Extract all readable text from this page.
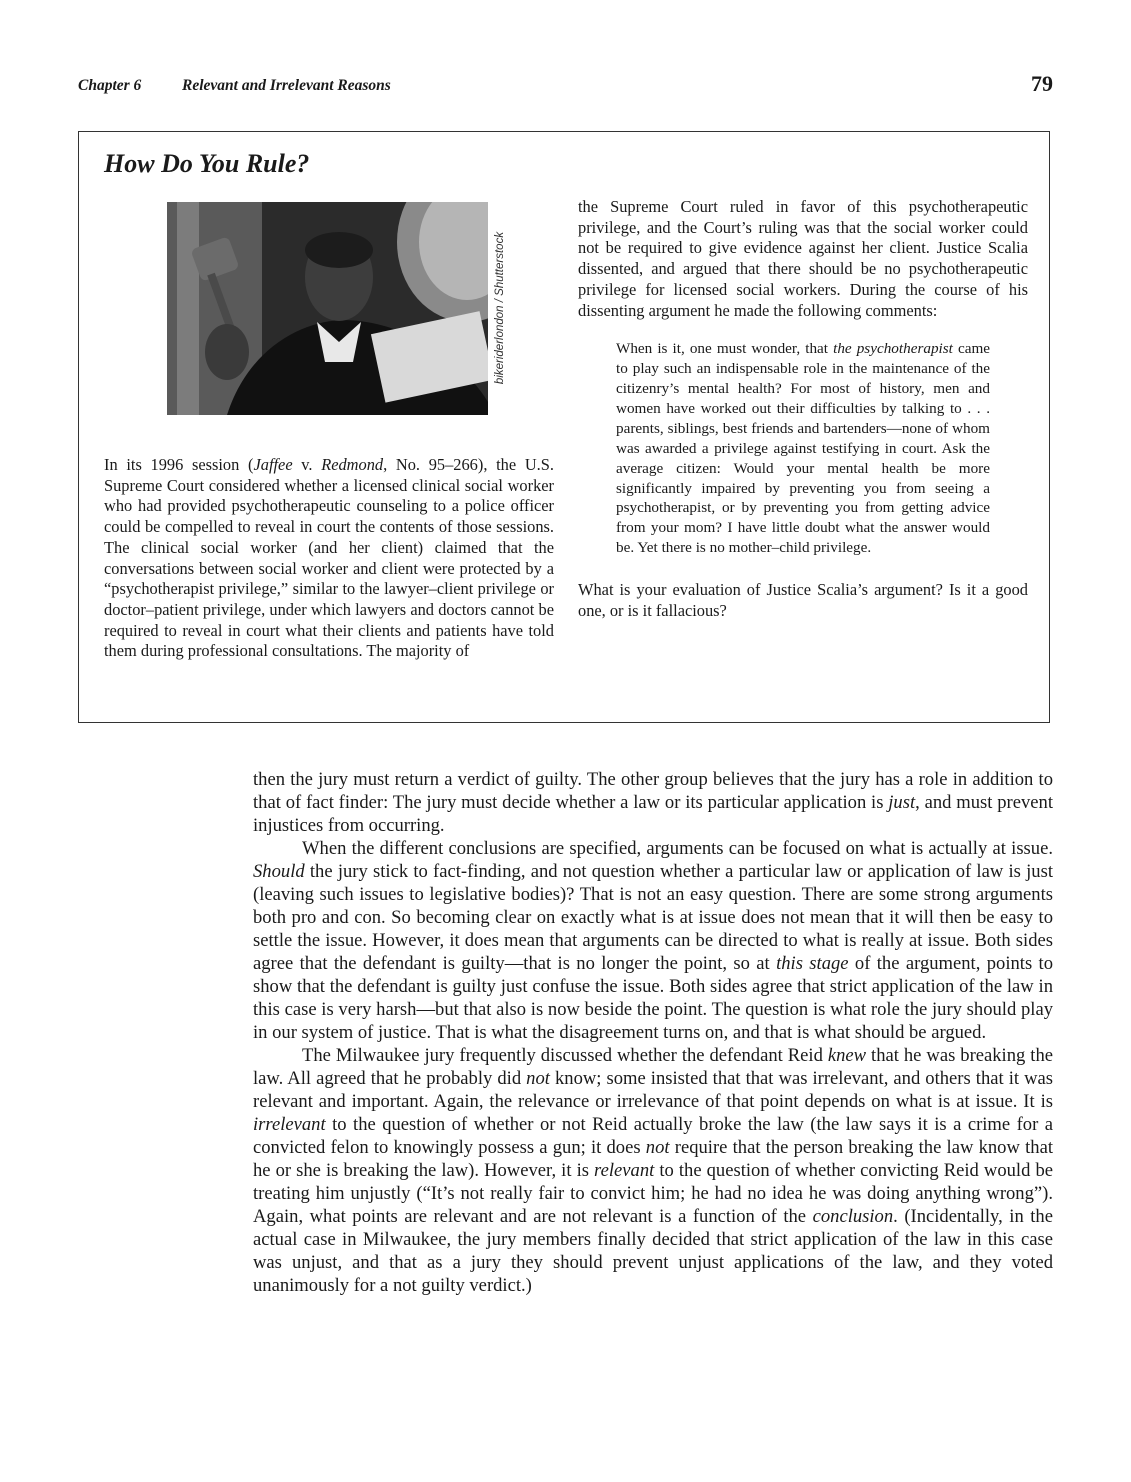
Chapter 6	Relevant and Irrelevant Reasons	79
How Do You Rule?
bikeriderlondon / Shutterstock

In its 1996 session (Jaffee v. Redmond, No. 95–266), the U.S. Supreme Court considered whether a licensed clinical social worker who had provided psychotherapeutic counseling to a police officer could be compelled to reveal in court the contents of those sessions. The clinical social worker (and her client) claimed that the conversations between social worker and client were protected by a “psychotherapist privilege,” similar to the lawyer–client privilege or doctor–patient privilege, under which lawyers and doctors cannot be required to reveal in court what their clients and patients have told them during professional consultations. The majority of

the Supreme Court ruled in favor of this psychotherapeutic privilege, and the Court’s ruling was that the social worker could not be required to give evidence against her client. Justice Scalia dissented, and argued that there should be no psychotherapeutic privilege for licensed social workers. During the course of his dissenting argument he made the following comments:

When is it, one must wonder, that the psychotherapist came to play such an indispensable role in the maintenance of the citizenry’s mental health? For most of history, men and women have worked out their difficulties by talking to . . . parents, siblings, best friends and bartenders—none of whom was awarded a privilege against testifying in court. Ask the average citizen: Would your mental health be more significantly impaired by preventing you from seeing a psychotherapist, or by preventing you from getting advice from your mom? I have little doubt what the answer would be. Yet there is no mother–child privilege.

What is your evaluation of Justice Scalia’s argument? Is it a good one, or is it fallacious?

then the jury must return a verdict of guilty. The other group believes that the jury has a role in addition to that of fact finder: The jury must decide whether a law or its particular application is just, and must prevent injustices from occurring.

When the different conclusions are specified, arguments can be focused on what is actually at issue. Should the jury stick to fact-finding, and not question whether a particular law or application of law is just (leaving such issues to legislative bodies)? That is not an easy question. There are some strong arguments both pro and con. So becoming clear on exactly what is at issue does not mean that it will then be easy to settle the issue. However, it does mean that arguments can be directed to what is really at issue. Both sides agree that the defendant is guilty—that is no longer the point, so at this stage of the argument, points to show that the defendant is guilty just confuse the issue. Both sides agree that strict application of the law in this case is very harsh—but that also is now beside the point. The question is what role the jury should play in our system of justice. That is what the disagreement turns on, and that is what should be argued.

The Milwaukee jury frequently discussed whether the defendant Reid knew that he was breaking the law. All agreed that he probably did not know; some insisted that that was irrelevant, and others that it was relevant and important. Again, the relevance or irrelevance of that point depends on what is at issue. It is irrelevant to the question of whether or not Reid actually broke the law (the law says it is a crime for a convicted felon to knowingly possess a gun; it does not require that the person breaking the law know that he or she is breaking the law). However, it is relevant to the question of whether convicting Reid would be treating him unjustly (“It’s not really fair to convict him; he had no idea he was doing anything wrong”). Again, what points are relevant and are not relevant is a function of the conclusion. (Incidentally, in the actual case in Milwaukee, the jury members finally decided that strict application of the law in this case was unjust, and that as a jury they should prevent unjust applications of the law, and they voted unanimously for a not guilty verdict.)
